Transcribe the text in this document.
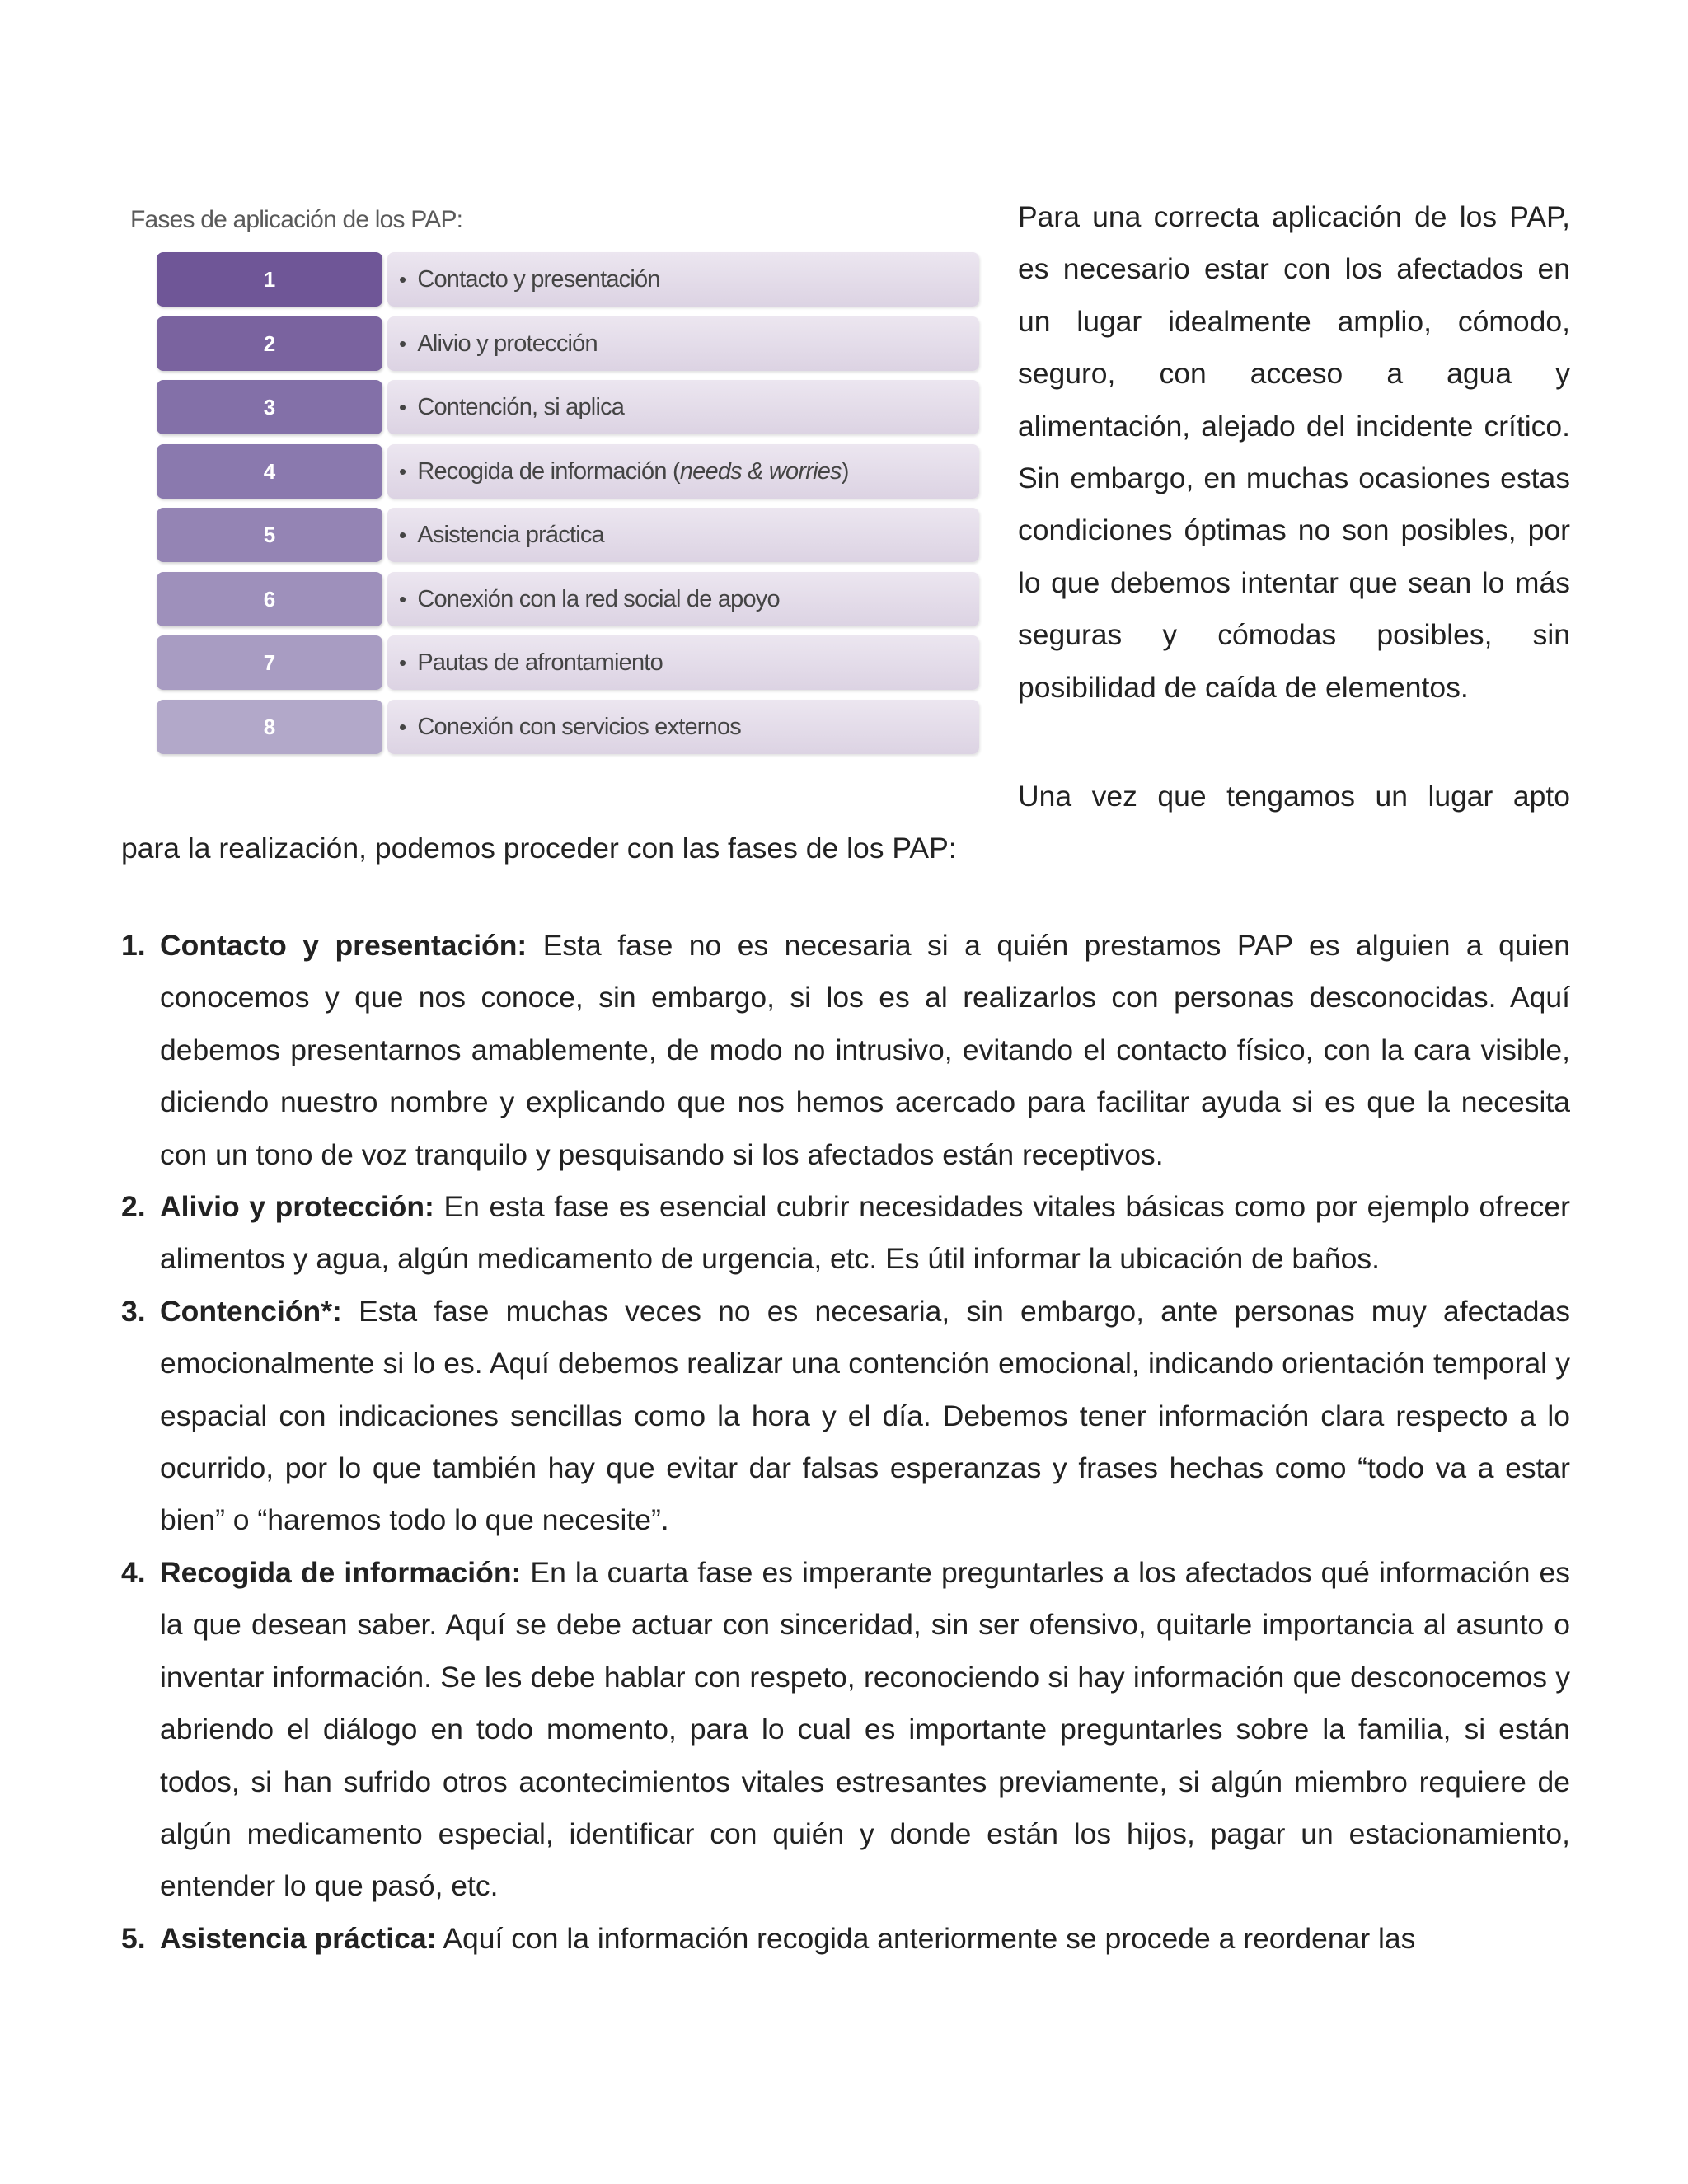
Fases de aplicación de los PAP:
1	• Contacto y presentación
2	• Alivio y protección
3	• Contención, si aplica
4	• Recogida de información ( needs & worries )
5	• Asistencia práctica
6	• Conexión con la red social de apoyo
7	• Pautas de afrontamiento
8	• Conexión con servicios externos

Para una correcta aplicación de los PAP, es necesario estar con los afectados en un lugar idealmente amplio, cómodo, seguro, con acceso a agua y alimentación, alejado del incidente crítico. Sin embargo, en muchas ocasiones estas condiciones óptimas no son posibles, por lo que debemos intentar que sean lo más seguras y cómodas posibles, sin posibilidad de caída de elementos.

Una vez que tengamos un lugar apto
para la realización, podemos proceder con las fases de los PAP:
1. Contacto y presentación: Esta fase no es necesaria si a quién prestamos PAP es alguien a quien conocemos y que nos conoce, sin embargo, si los es al realizarlos con personas desconocidas. Aquí debemos presentarnos amablemente, de modo no intrusivo, evitando el contacto físico, con la cara visible, diciendo nuestro nombre y explicando que nos hemos acercado para facilitar ayuda si es que la necesita con un tono de voz tranquilo y pesquisando si los afectados están receptivos.
2. Alivio y protección: En esta fase es esencial cubrir necesidades vitales básicas como por ejemplo ofrecer alimentos y agua, algún medicamento de urgencia, etc. Es útil informar la ubicación de baños.
3. Contención*: Esta fase muchas veces no es necesaria, sin embargo, ante personas muy afectadas emocionalmente si lo es. Aquí debemos realizar una contención emocional, indicando orientación temporal y espacial con indicaciones sencillas como la hora y el día. Debemos tener información clara respecto a lo ocurrido, por lo que también hay que evitar dar falsas esperanzas y frases hechas como “todo va a estar bien” o “haremos todo lo que necesite”.
4. Recogida de información: En la cuarta fase es imperante preguntarles a los afectados qué información es la que desean saber. Aquí se debe actuar con sinceridad, sin ser ofensivo, quitarle importancia al asunto o inventar información. Se les debe hablar con respeto, reconociendo si hay información que desconocemos y abriendo el diálogo en todo momento, para lo cual es importante preguntarles sobre la familia, si están todos, si han sufrido otros acontecimientos vitales estresantes previamente, si algún miembro requiere de algún medicamento especial, identificar con quién y donde están los hijos, pagar un estacionamiento, entender lo que pasó, etc.
5. Asistencia práctica: Aquí con la información recogida anteriormente se procede a reordenar las
